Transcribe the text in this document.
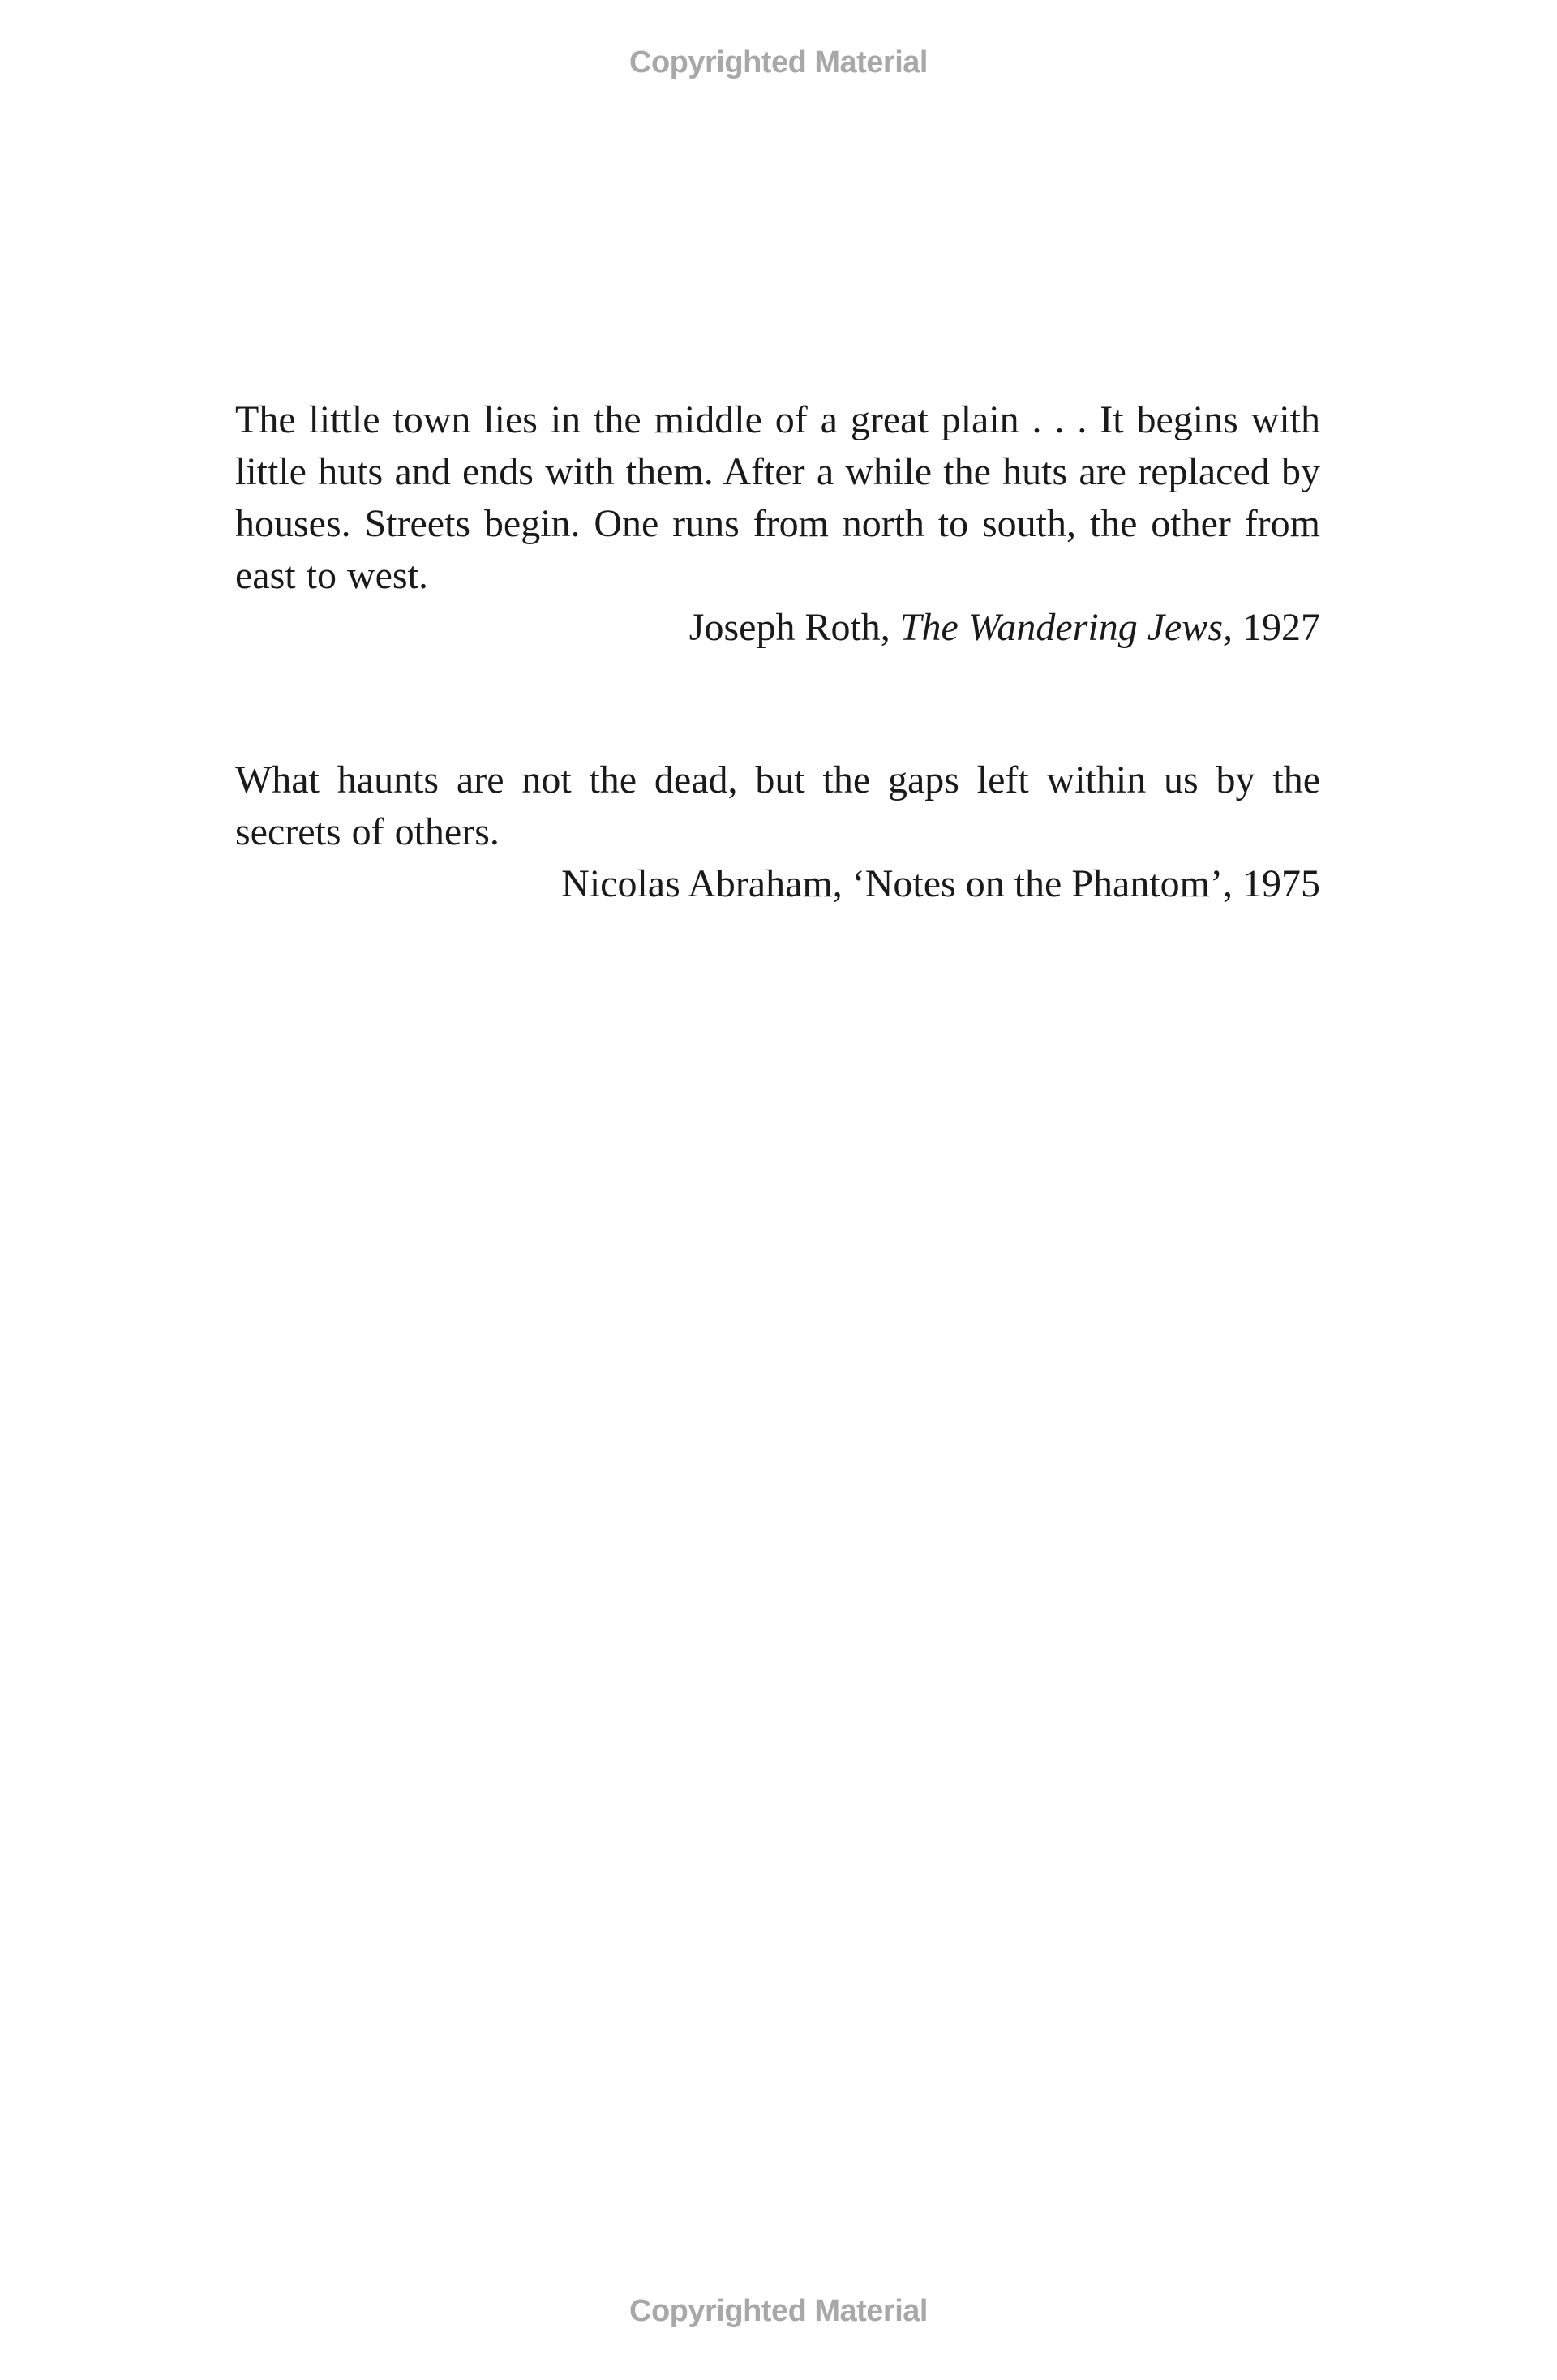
Copyrighted Material

The little town lies in the middle of a great plain . . . It begins with little huts and ends with them. After a while the huts are replaced by houses. Streets begin. One runs from north to south, the other from east to west.

Joseph Roth, The Wandering Jews, 1927

What haunts are not the dead, but the gaps left within us by the secrets of others.

Nicolas Abraham, ‘Notes on the Phantom’, 1975

Copyrighted Material
